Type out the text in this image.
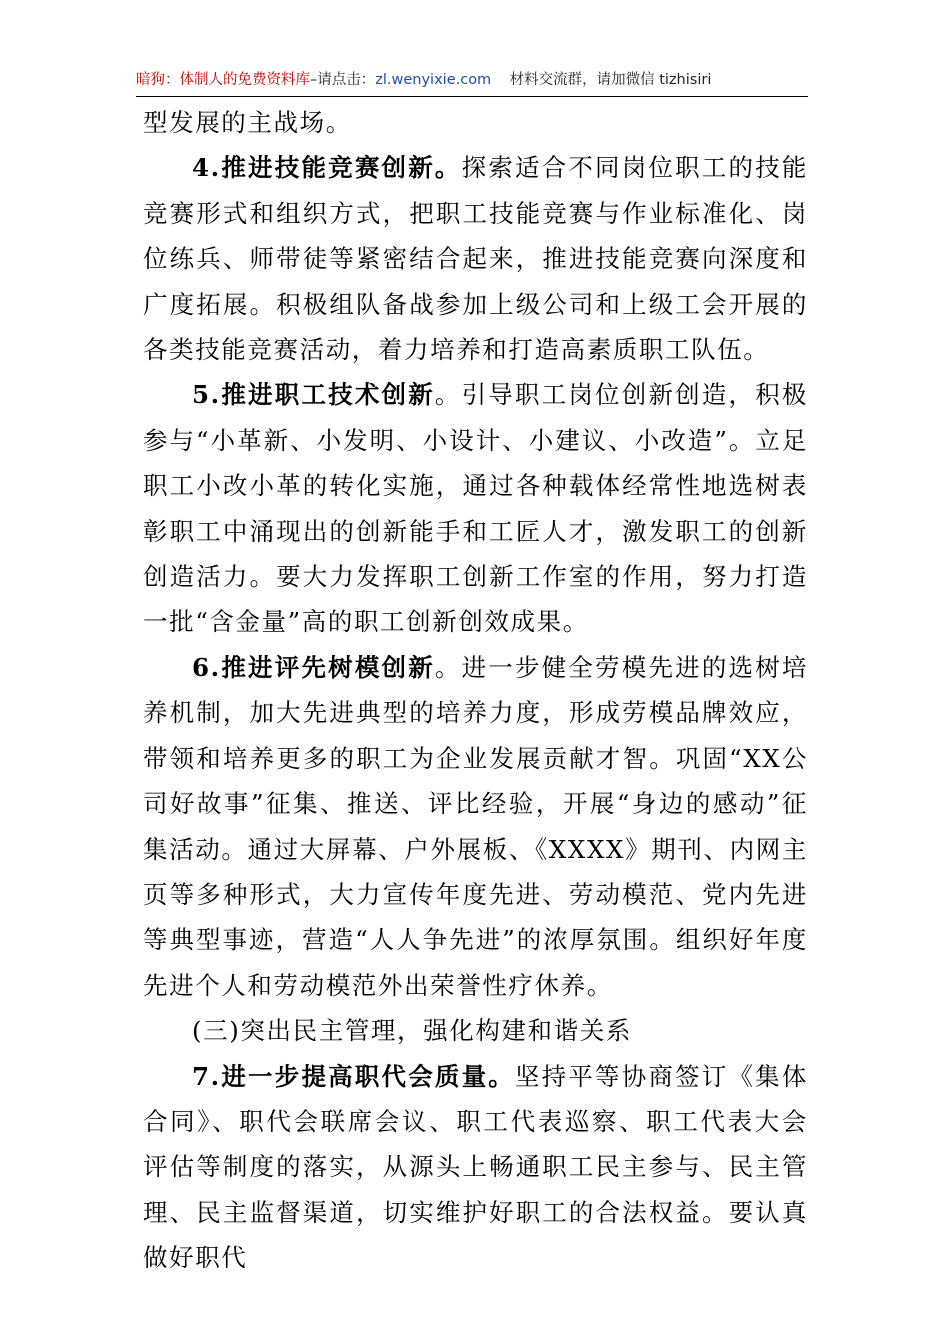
暗狗：体制人的免费资料库–请点击：zl.wenyixie.com 材料交流群，请加微信 tizhisiri

型发展的主战场。

4.推进技能竞赛创新。探索适合不同岗位职工的技能竞赛形式和组织方式，把职工技能竞赛与作业标准化、岗位练兵、师带徒等紧密结合起来，推进技能竞赛向深度和广度拓展。积极组队备战参加上级公司和上级工会开展的各类技能竞赛活动，着力培养和打造高素质职工队伍。

5.推进职工技术创新。引导职工岗位创新创造，积极参与“小革新、小发明、小设计、小建议、小改造”。立足职工小改小革的转化实施，通过各种载体经常性地选树表彰职工中涌现出的创新能手和工匠人才，激发职工的创新创造活力。要大力发挥职工创新工作室的作用，努力打造一批“含金量”高的职工创新创效成果。

6.推进评先树模创新。进一步健全劳模先进的选树培养机制，加大先进典型的培养力度，形成劳模品牌效应，带领和培养更多的职工为企业发展贡献才智。巩固“XX公司好故事”征集、推送、评比经验，开展“身边的感动”征集活动。通过大屏幕、户外展板、《XXXX》期刊、内网主页等多种形式，大力宣传年度先进、劳动模范、党内先进等典型事迹，营造“人人争先进”的浓厚氛围。组织好年度先进个人和劳动模范外出荣誉性疗休养。

(三)突出民主管理，强化构建和谐关系

7.进一步提高职代会质量。坚持平等协商签订《集体合同》、职代会联席会议、职工代表巡察、职工代表大会评估等制度的落实，从源头上畅通职工民主参与、民主管理、民主监督渠道，切实维护好职工的合法权益。要认真做好职代
